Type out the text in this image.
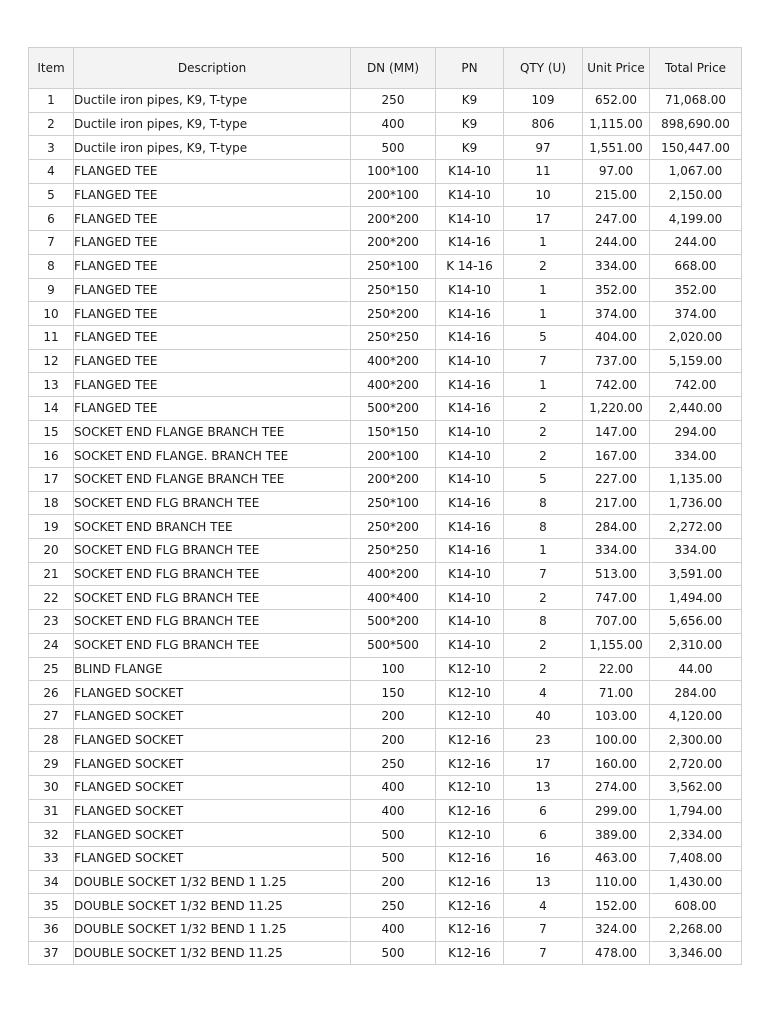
Item	Description	DN (MM)	PN	QTY (U)	Unit Price	Total Price
1	Ductile iron pipes, K9, T-type	250	K9	109	652.00	71,068.00
2	Ductile iron pipes, K9, T-type	400	K9	806	1,115.00	898,690.00
3	Ductile iron pipes, K9, T-type	500	K9	97	1,551.00	150,447.00
4	FLANGED TEE	100*100	K14-10	11	97.00	1,067.00
5	FLANGED TEE	200*100	K14-10	10	215.00	2,150.00
6	FLANGED TEE	200*200	K14-10	17	247.00	4,199.00
7	FLANGED TEE	200*200	K14-16	1	244.00	244.00
8	FLANGED TEE	250*100	K 14-16	2	334.00	668.00
9	FLANGED TEE	250*150	K14-10	1	352.00	352.00
10	FLANGED TEE	250*200	K14-16	1	374.00	374.00
11	FLANGED TEE	250*250	K14-16	5	404.00	2,020.00
12	FLANGED TEE	400*200	K14-10	7	737.00	5,159.00
13	FLANGED TEE	400*200	K14-16	1	742.00	742.00
14	FLANGED TEE	500*200	K14-16	2	1,220.00	2,440.00
15	SOCKET END FLANGE BRANCH TEE	150*150	K14-10	2	147.00	294.00
16	SOCKET END FLANGE. BRANCH TEE	200*100	K14-10	2	167.00	334.00
17	SOCKET END FLANGE BRANCH TEE	200*200	K14-10	5	227.00	1,135.00
18	SOCKET END FLG BRANCH TEE	250*100	K14-16	8	217.00	1,736.00
19	SOCKET END BRANCH TEE	250*200	K14-16	8	284.00	2,272.00
20	SOCKET END FLG BRANCH TEE	250*250	K14-16	1	334.00	334.00
21	SOCKET END FLG BRANCH TEE	400*200	K14-10	7	513.00	3,591.00
22	SOCKET END FLG BRANCH TEE	400*400	K14-10	2	747.00	1,494.00
23	SOCKET END FLG BRANCH TEE	500*200	K14-10	8	707.00	5,656.00
24	SOCKET END FLG BRANCH TEE	500*500	K14-10	2	1,155.00	2,310.00
25	BLIND FLANGE	100	K12-10	2	22.00	44.00
26	FLANGED SOCKET	150	K12-10	4	71.00	284.00
27	FLANGED SOCKET	200	K12-10	40	103.00	4,120.00
28	FLANGED SOCKET	200	K12-16	23	100.00	2,300.00
29	FLANGED SOCKET	250	K12-16	17	160.00	2,720.00
30	FLANGED SOCKET	400	K12-10	13	274.00	3,562.00
31	FLANGED SOCKET	400	K12-16	6	299.00	1,794.00
32	FLANGED SOCKET	500	K12-10	6	389.00	2,334.00
33	FLANGED SOCKET	500	K12-16	16	463.00	7,408.00
34	DOUBLE SOCKET 1/32 BEND 1 1.25	200	K12-16	13	110.00	1,430.00
35	DOUBLE SOCKET 1/32 BEND 11.25	250	K12-16	4	152.00	608.00
36	DOUBLE SOCKET 1/32 BEND 1 1.25	400	K12-16	7	324.00	2,268.00
37	DOUBLE SOCKET 1/32 BEND 11.25	500	K12-16	7	478.00	3,346.00
